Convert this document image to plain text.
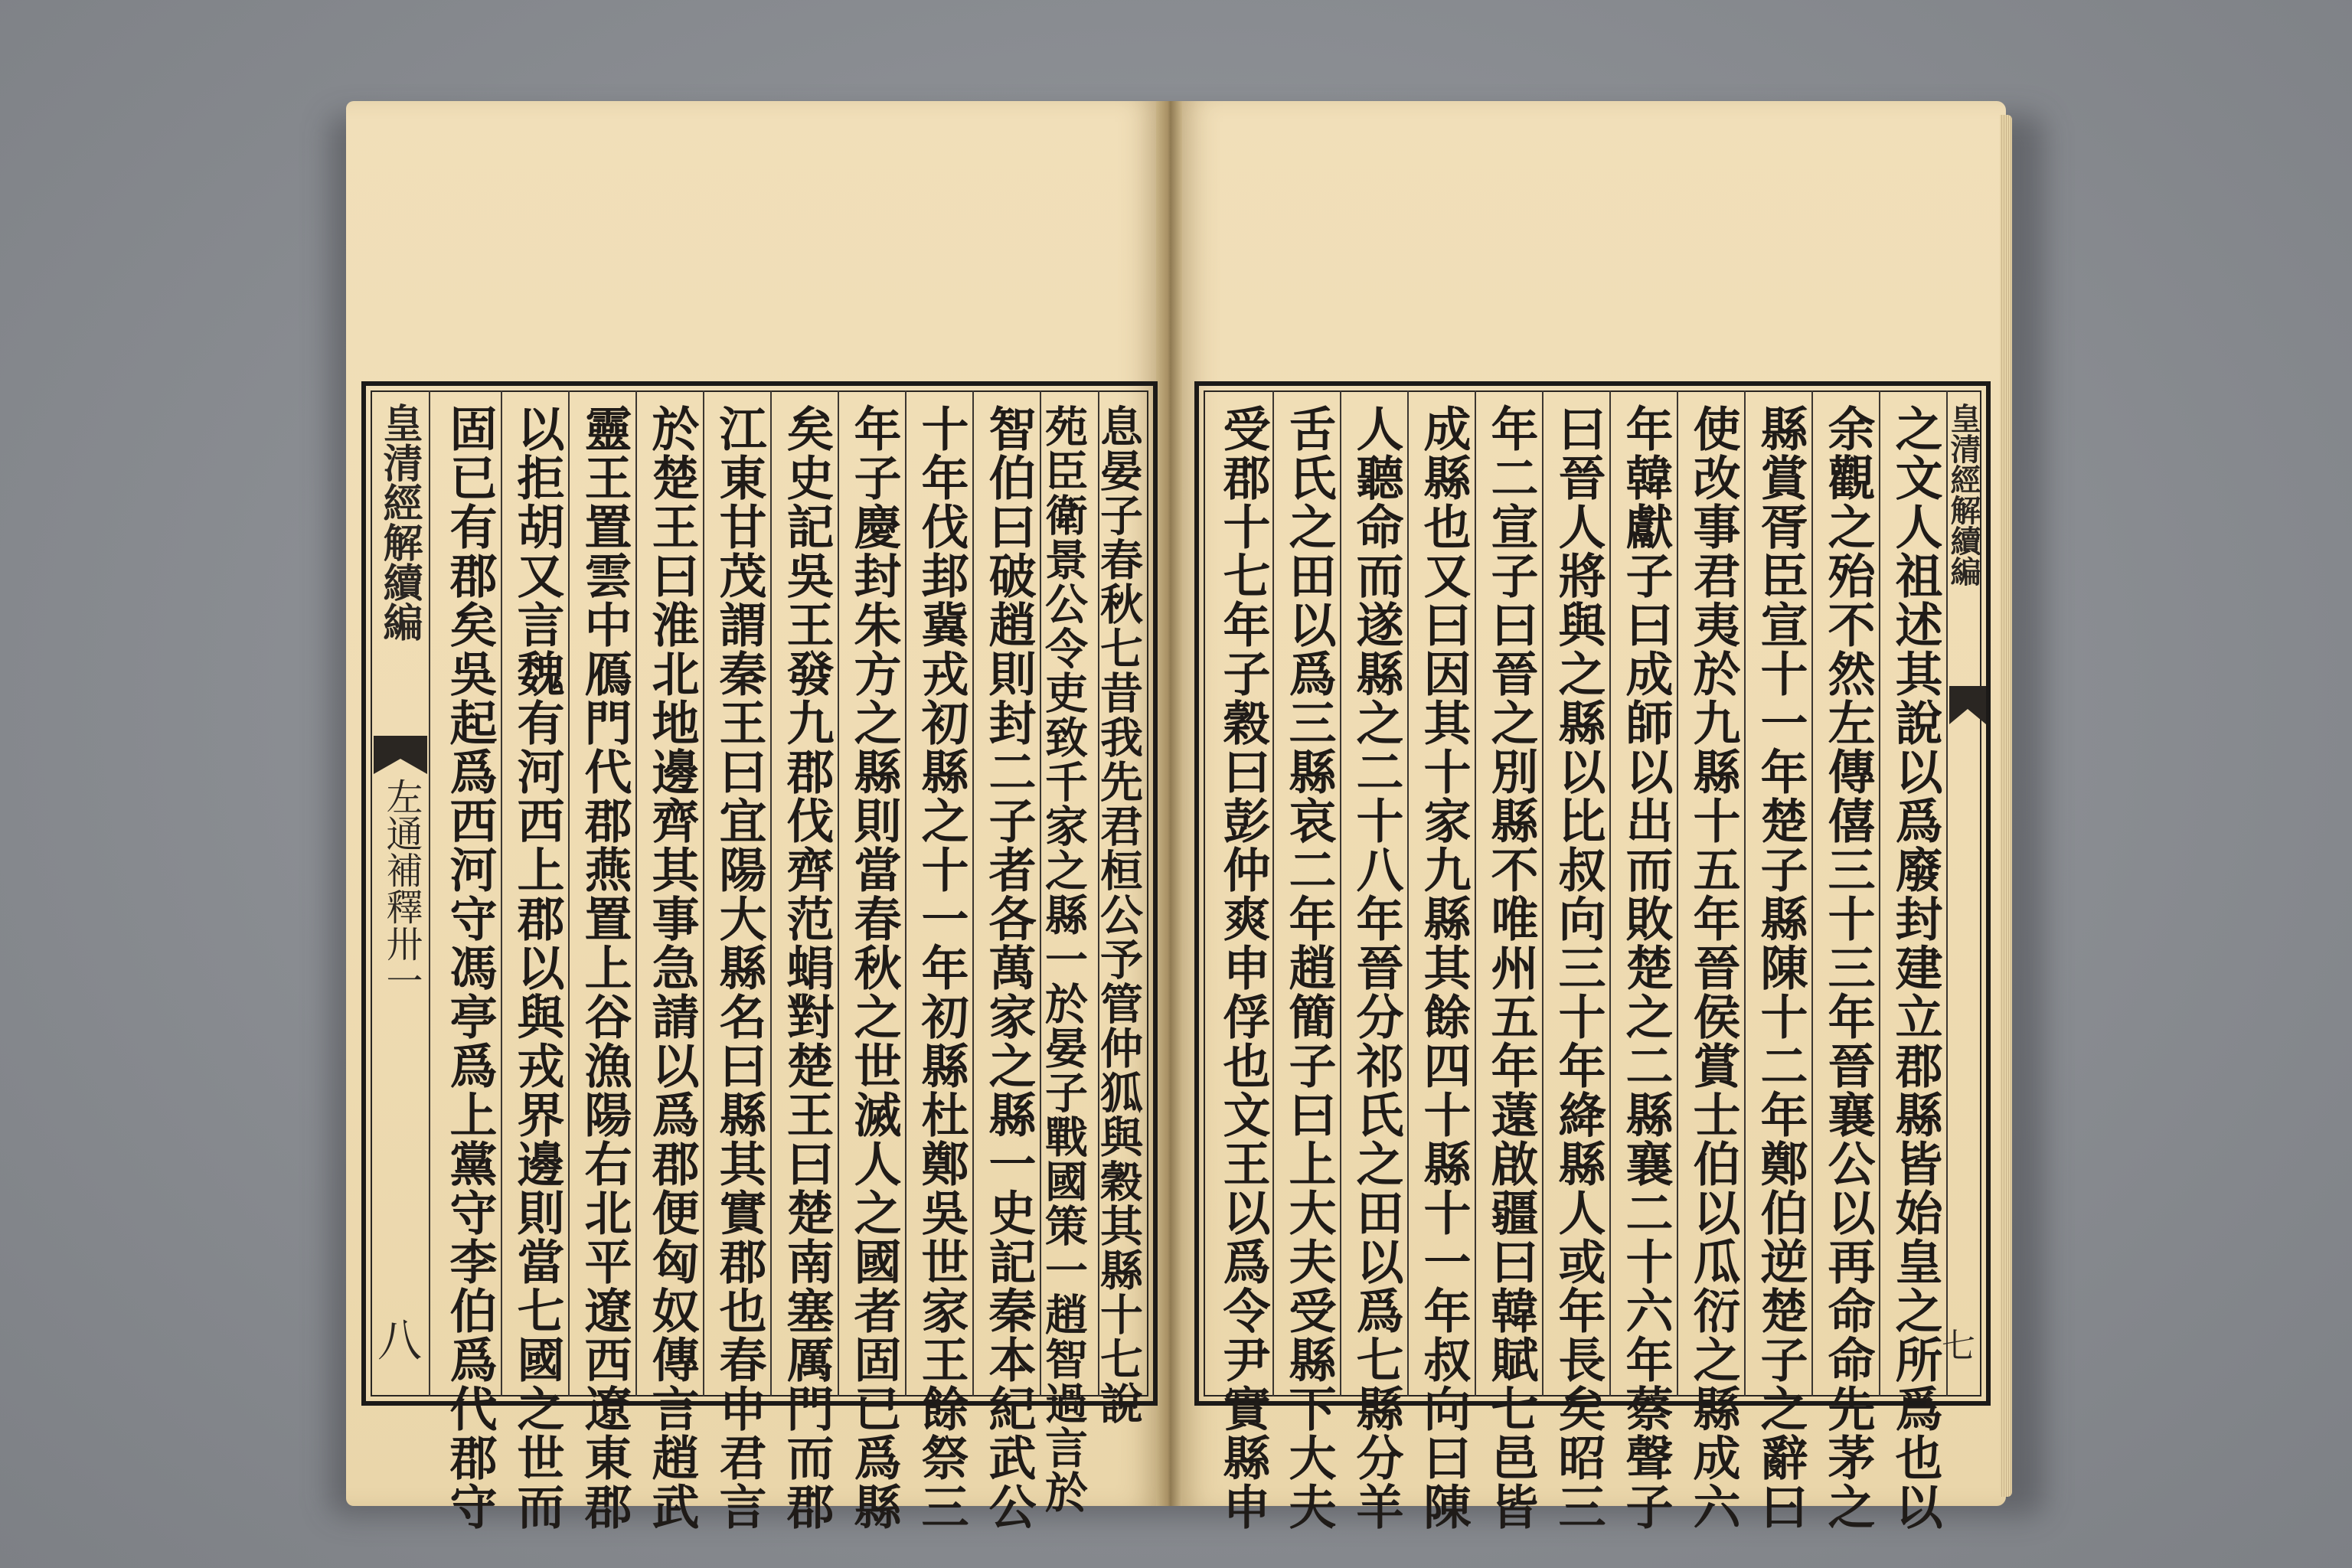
皇清經解續編
左通補釋卅一
八 固已有郡矣吳起爲西河守馮亭爲上黨守李伯爲代郡守 以拒胡又言魏有河西上郡以與戎界邊則當七國之世而 靈王置雲中鴈門代郡燕置上谷漁陽右北平遼西遼東郡 於楚王曰淮北地邊齊其事急請以爲郡便匈奴傳言趙武 江東甘茂謂秦王曰宜陽大縣名曰縣其實郡也春申君言 矣史記吳王發九郡伐齊范蜎對楚王曰楚南塞厲門而郡 年子慶封朱方之縣則當春秋之世滅人之國者固已爲縣 十年伐邽冀戎初縣之十一年初縣杜鄭吳世家王餘祭三 智伯曰破趙則封二子者各萬家之縣一史記秦本紀武公 苑臣衛景公令吏致千家之縣一於晏子戰國策一趙智過言於 息晏子春秋七昔我先君桓公予管仲狐與穀其縣十七說 受郡十七年子穀曰彭仲爽申俘也文王以爲令尹實縣申 舌氏之田以爲三縣哀二年趙簡子曰上大夫受縣下大夫 人聽命而遂縣之二十八年晉分祁氏之田以爲七縣分羊 成縣也又曰因其十家九縣其餘四十縣十一年叔向曰陳 年二宣子曰晉之別縣不唯州五年薳啟疆曰韓賦七邑皆 曰晉人將與之縣以比叔向三十年絳縣人或年長矣昭三 年韓獻子曰成師以出而敗楚之二縣襄二十六年蔡聲子 使改事君夷於九縣十五年晉侯賞士伯以瓜衍之縣成六 縣賞胥臣宣十一年楚子縣陳十二年鄭伯逆楚子之辭曰 余觀之殆不然左傳僖三十三年晉襄公以再命命先茅之 之文人祖述其說以爲廢封建立郡縣皆始皇之所爲也以 皇清經解續編
七
